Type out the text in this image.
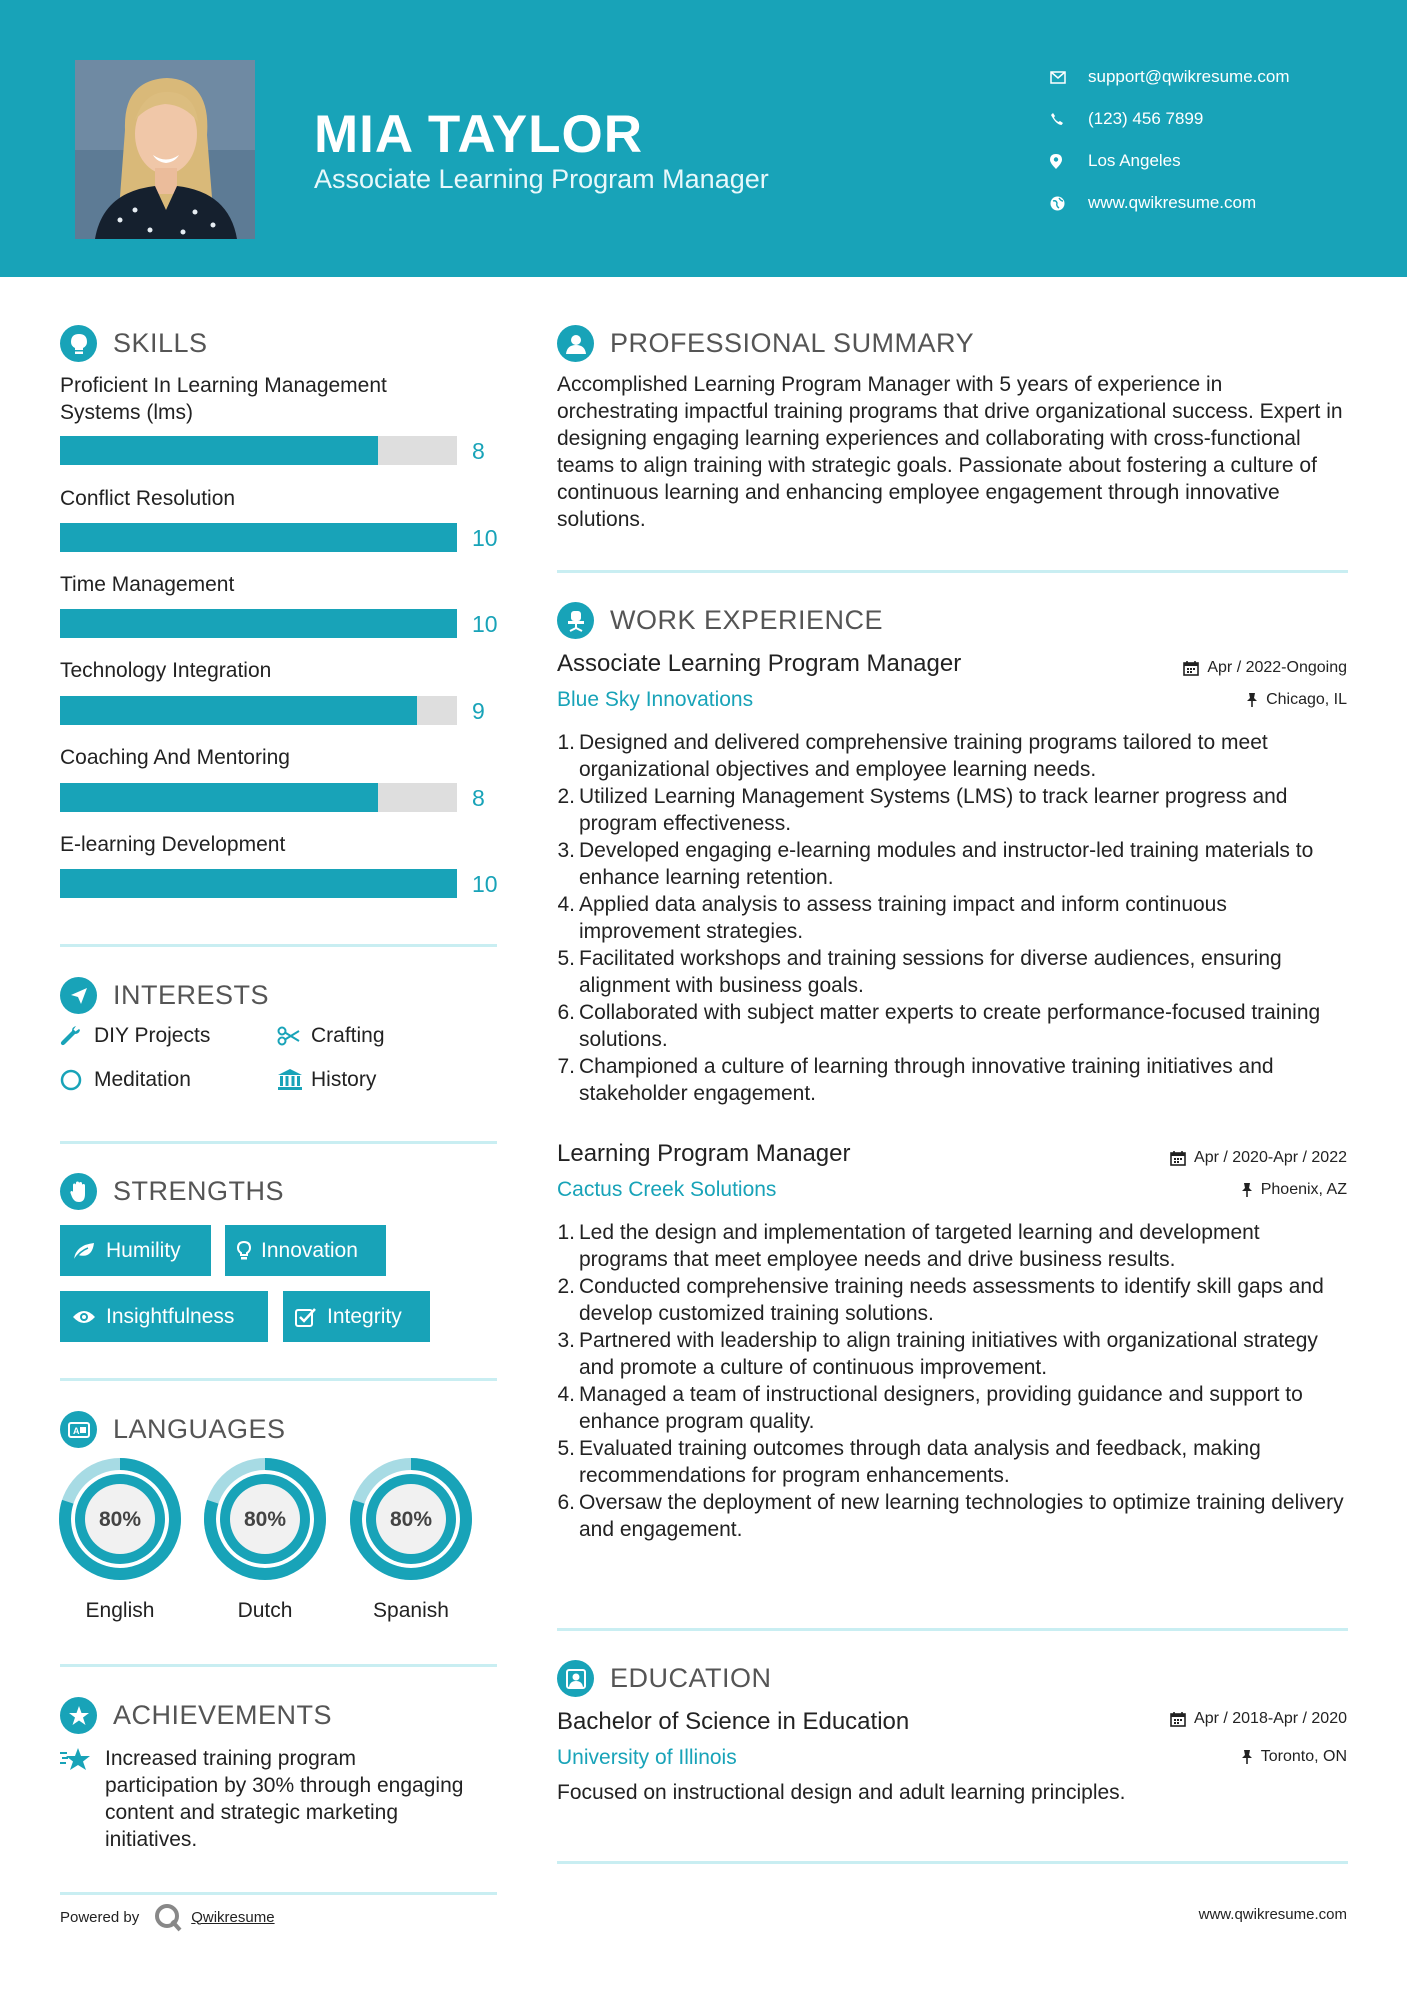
MIA TAYLOR
Associate Learning Program Manager
support@qwikresume.com
(123) 456 7899
Los Angeles
www.qwikresume.com
SKILLS
Proficient In Learning Management Systems (lms)
8
Conflict Resolution
10
Time Management
10
Technology Integration
9
Coaching And Mentoring
8
E-learning Development
10
INTERESTS
DIY Projects	Crafting
Meditation	History
STRENGTHS
Humility	Innovation
Insightfulness	Integrity
A LANGUAGES
80%
English
80%
Dutch
80%
Spanish
ACHIEVEMENTS

Increased training program participation by 30% through engaging content and strategic marketing initiatives.

Powered by	Qwikresume	www.qwikresume.com
PROFESSIONAL SUMMARY
Accomplished Learning Program Manager with 5 years of experience in orchestrating impactful training programs that drive organizational success. Expert in designing engaging learning experiences and collaborating with cross-functional teams to align training with strategic goals. Passionate about fostering a culture of continuous learning and enhancing employee engagement through innovative solutions.
WORK EXPERIENCE
Associate Learning Program Manager	Apr / 2022-Ongoing
Blue Sky Innovations	Chicago, IL
1. Designed and delivered comprehensive training programs tailored to meet organizational objectives and employee learning needs.
2. Utilized Learning Management Systems (LMS) to track learner progress and program effectiveness.
3. Developed engaging e-learning modules and instructor-led training materials to enhance learning retention.
4. Applied data analysis to assess training impact and inform continuous improvement strategies.
5. Facilitated workshops and training sessions for diverse audiences, ensuring alignment with business goals.
6. Collaborated with subject matter experts to create performance-focused training solutions.
7. Championed a culture of learning through innovative training initiatives and stakeholder engagement.
Learning Program Manager	Apr / 2020-Apr / 2022
Cactus Creek Solutions	Phoenix, AZ
1. Led the design and implementation of targeted learning and development programs that meet employee needs and drive business results.
2. Conducted comprehensive training needs assessments to identify skill gaps and develop customized training solutions.
3. Partnered with leadership to align training initiatives with organizational strategy and promote a culture of continuous improvement.
4. Managed a team of instructional designers, providing guidance and support to enhance program quality.
5. Evaluated training outcomes through data analysis and feedback, making recommendations for program enhancements.
6. Oversaw the deployment of new learning technologies to optimize training delivery and engagement.
EDUCATION
Bachelor of Science in Education	Apr / 2018-Apr / 2020
University of Illinois	Toronto, ON
Focused on instructional design and adult learning principles.
